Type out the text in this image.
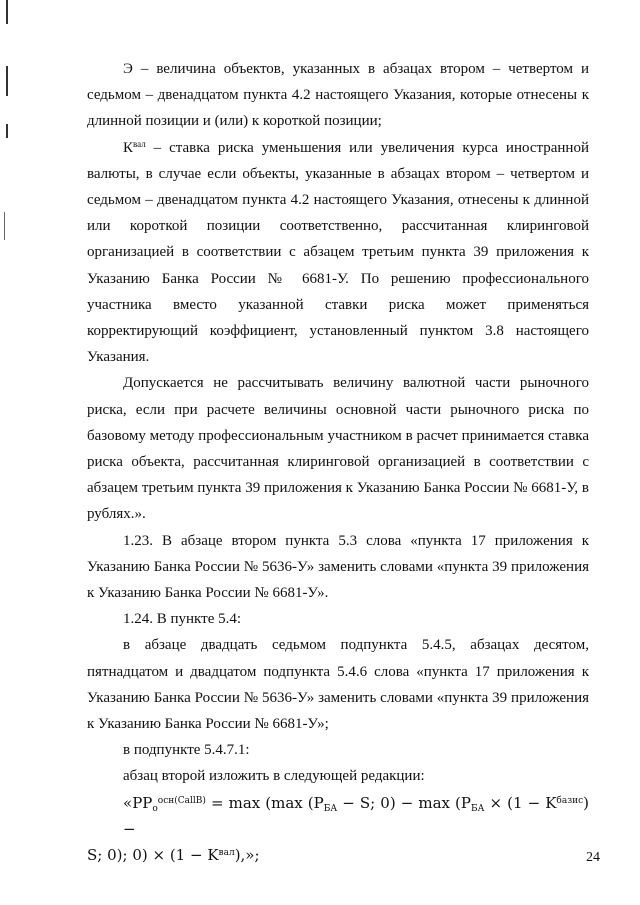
Э – величина объектов, указанных в абзацах втором – четвертом и седьмом – двенадцатом пункта 4.2 настоящего Указания, которые отнесены к длинной позиции и (или) к короткой позиции;

$К^{вал}$ – ставка риска уменьшения или увеличения курса иностранной валюты, в случае если объекты, указанные в абзацах втором – четвертом и седьмом – двенадцатом пункта 4.2 настоящего Указания, отнесены к длинной или короткой позиции соответственно, рассчитанная клиринговой организацией в соответствии с абзацем третьим пункта 39 приложения к Указанию Банка России № 6681-У. По решению профессионального участника вместо указанной ставки риска может применяться корректирующий коэффициент, установленный пунктом 3.8 настоящего Указания.

Допускается не рассчитывать величину валютной части рыночного риска, если при расчете величины основной части рыночного риска по базовому методу профессиональным участником в расчет принимается ставка риска объекта, рассчитанная клиринговой организацией в соответствии с абзацем третьим пункта 39 приложения к Указанию Банка России № 6681-У, в рублях.».

1.23. В абзаце втором пункта 5.3 слова «пункта 17 приложения к Указанию Банка России № 5636-У» заменить словами «пункта 39 приложения к Указанию Банка России № 6681-У».

1.24. В пункте 5.4:

в абзаце двадцать седьмом подпункта 5.4.5, абзацах десятом, пятнадцатом и двадцатом подпункта 5.4.6 слова «пункта 17 приложения к Указанию Банка России № 5636-У» заменить словами «пункта 39 приложения к Указанию Банка России № 6681-У»;

в подпункте 5.4.7.1:

абзац второй изложить в следующей редакции:

«$PP_о^{осн(CallB)} = \max (\max$ ($P_{БА} - S$; $0) - \max (P_{БА} \times (1 - K^{базис})$ −
S; 0); $0) \times (1 - K^{вал})$,»;	24
